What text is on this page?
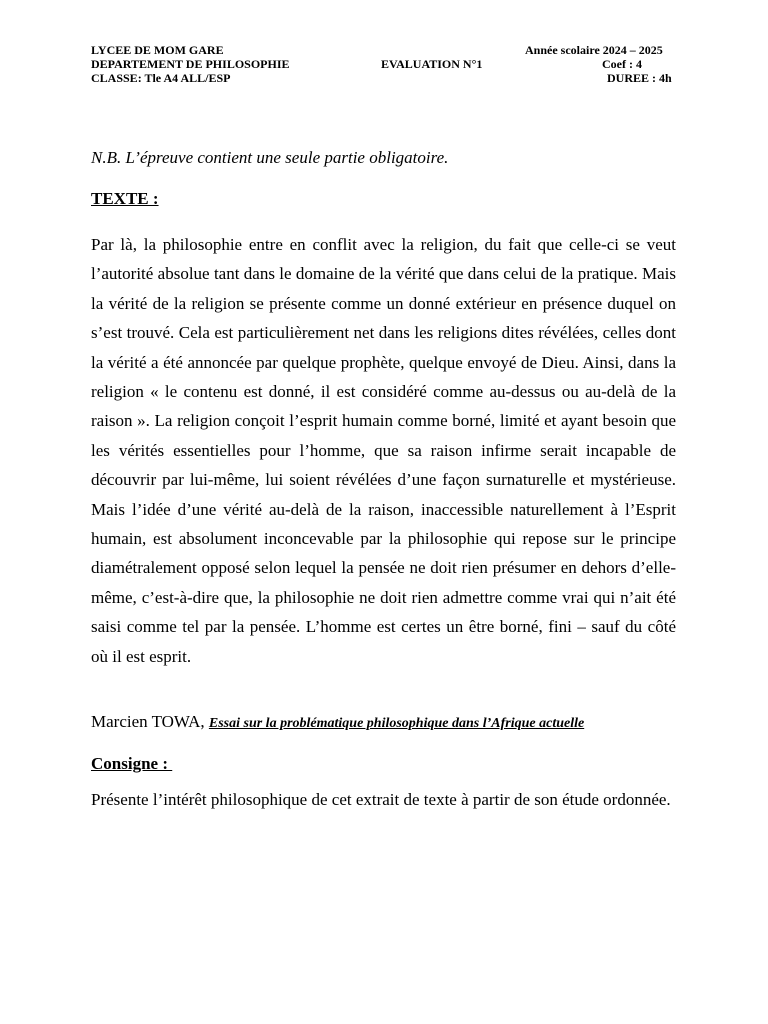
LYCEE DE MOM GARE
DEPARTEMENT DE PHILOSOPHIE
CLASSE: Tle A4 ALL/ESP
EVALUATION N°1
Année scolaire 2024 – 2025
Coef : 4
DUREE : 4h
N.B. L’épreuve contient une seule partie obligatoire.
TEXTE :

Par là, la philosophie entre en conflit avec la religion, du fait que celle-ci se veut l’autorité absolue tant dans le domaine de la vérité que dans celui de la pratique. Mais la vérité de la religion se présente comme un donné extérieur en présence duquel on s’est trouvé. Cela est particulièrement net dans les religions dites révélées, celles dont la vérité a été annoncée par quelque prophète, quelque envoyé de Dieu. Ainsi, dans la religion « le contenu est donné, il est considéré comme au-dessus ou au-delà de la raison ». La religion conçoit l’esprit humain comme borné, limité et ayant besoin que les vérités essentielles pour l’homme, que sa raison infirme serait incapable de découvrir par lui-même, lui soient révélées d’une façon surnaturelle et mystérieuse. Mais l’idée d’une vérité au-delà de la raison, inaccessible naturellement à l’Esprit humain, est absolument inconcevable par la philosophie qui repose sur le principe diamétralement opposé selon lequel la pensée ne doit rien présumer en dehors d’elle-même, c’est-à-dire que, la philosophie ne doit rien admettre comme vrai qui n’ait été saisi comme tel par la pensée. L’homme est certes un être borné, fini – sauf du côté où il est esprit.

Marcien TOWA, Essai sur la problématique philosophique dans l’Afrique actuelle
Consigne :

Présente l’intérêt philosophique de cet extrait de texte à partir de son étude ordonnée.
